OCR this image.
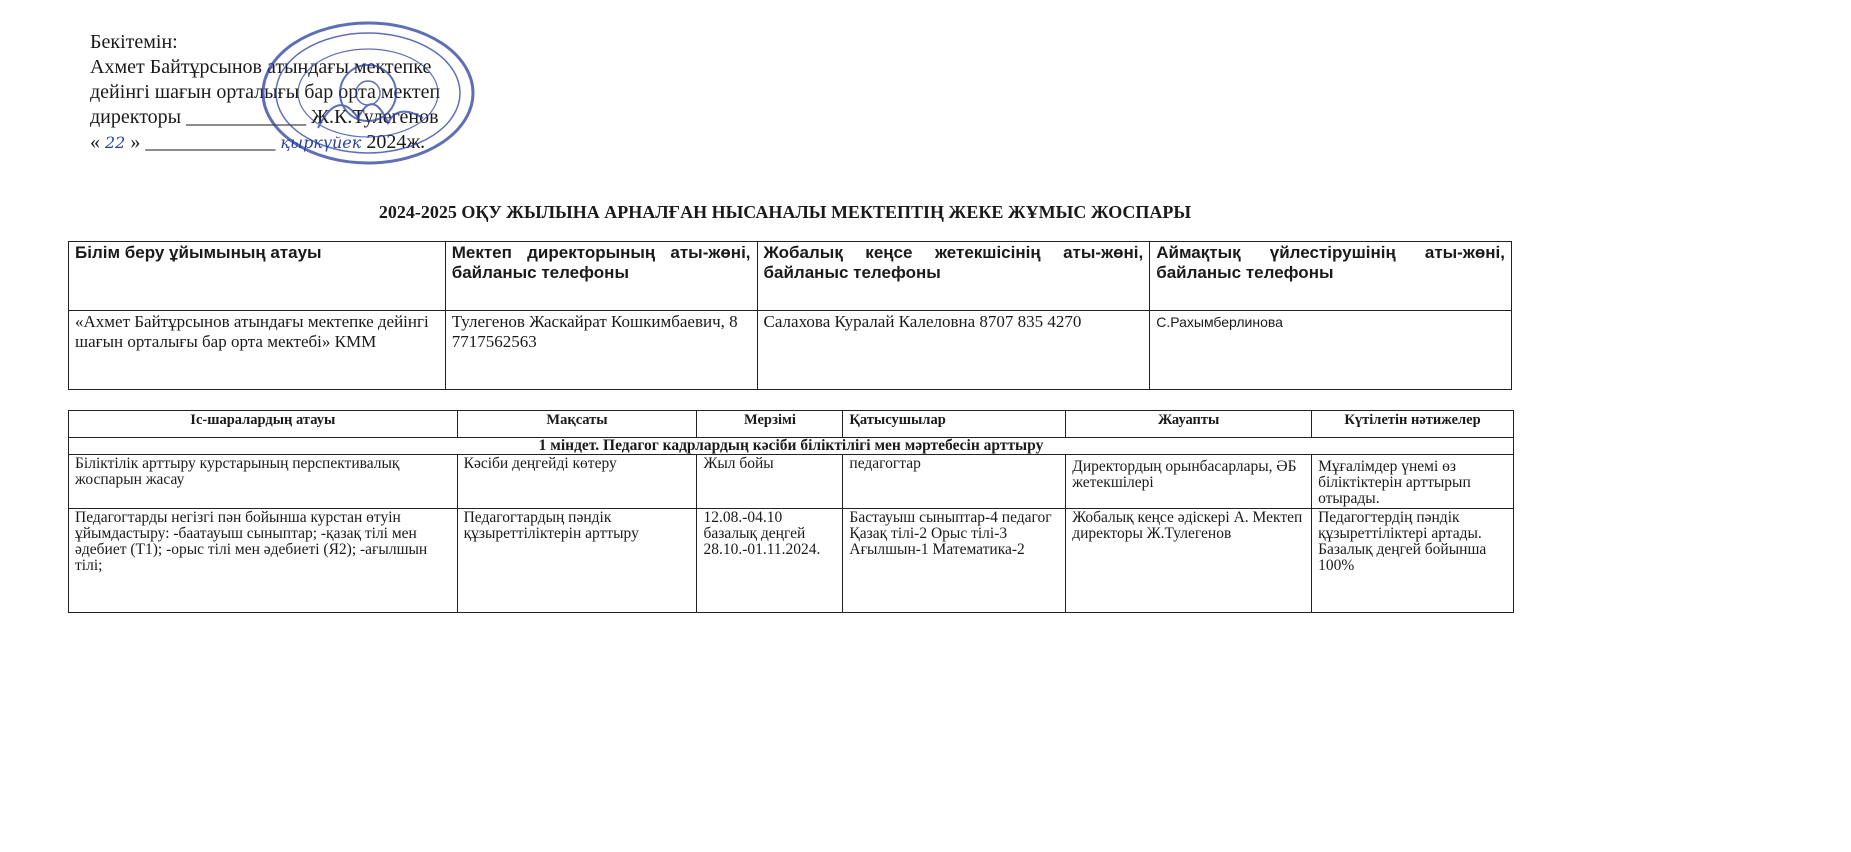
Бекітемін:
Ахмет Байтұрсынов атындағы мектепке
дейінгі шағын орталығы бар орта мектеп
директоры ____________ Ж.К.Тулегенов
« 22 » _____________ қыркүйек 2024ж.
2024-2025 ОҚУ ЖЫЛЫНА АРНАЛҒАН НЫСАНАЛЫ МЕКТЕПТІҢ ЖЕКЕ ЖҰМЫС ЖОСПАРЫ
Білім беру ұйымының атауы	Мектеп директорының аты-жөні, байланыс телефоны	Жобалық кеңсе жетекшісінің аты-жөні, байланыс телефоны	Аймақтық үйлестірушінің аты-жөні, байланыс телефоны
«Ахмет Байтұрсынов атындағы мектепке дейінгі шағын орталығы бар орта мектебі» КММ	Тулегенов Жаскайрат Кошкимбаевич, 8 7717562563	Салахова Куралай Калеловна 8707 835 4270	С.Рахымберлинова
Іс-шаралардың атауы	Мақсаты	Мерзімі	Қатысушылар	Жауапты	Күтілетін нәтижелер
1 міндет. Педагог кадрлардың кәсіби біліктілігі мен мәртебесін арттыру					
Біліктілік арттыру курстарының перспективалық жоспарын жасау	Кәсіби деңгейді көтеру	Жыл бойы	педагогтар	Директордың орынбасарлары, ӘБ жетекшілері	Мұғалімдер үнемі өз біліктіктерін арттырып отырады.
Педагогтарды негізгі пән бойынша курстан өтуін ұйымдастыру: -баатауыш сыныптар; -қазақ тілі мен әдебиет (Т1); -орыс тілі мен әдебиеті (Я2); -ағылшын тілі;	Педагогтардың пәндік құзыреттіліктерін арттыру	12.08.-04.10 базалық деңгей 28.10.-01.11.2024.	Бастауыш сыныптар-4 педагог Қазақ тілі-2 Орыс тілі-3 Ағылшын-1 Математика-2	Жобалық кеңсе әдіскері А. Мектеп директоры Ж.Тулегенов	Педагогтердің пәндік құзыреттіліктері артады. Базалық деңгей бойынша 100%
